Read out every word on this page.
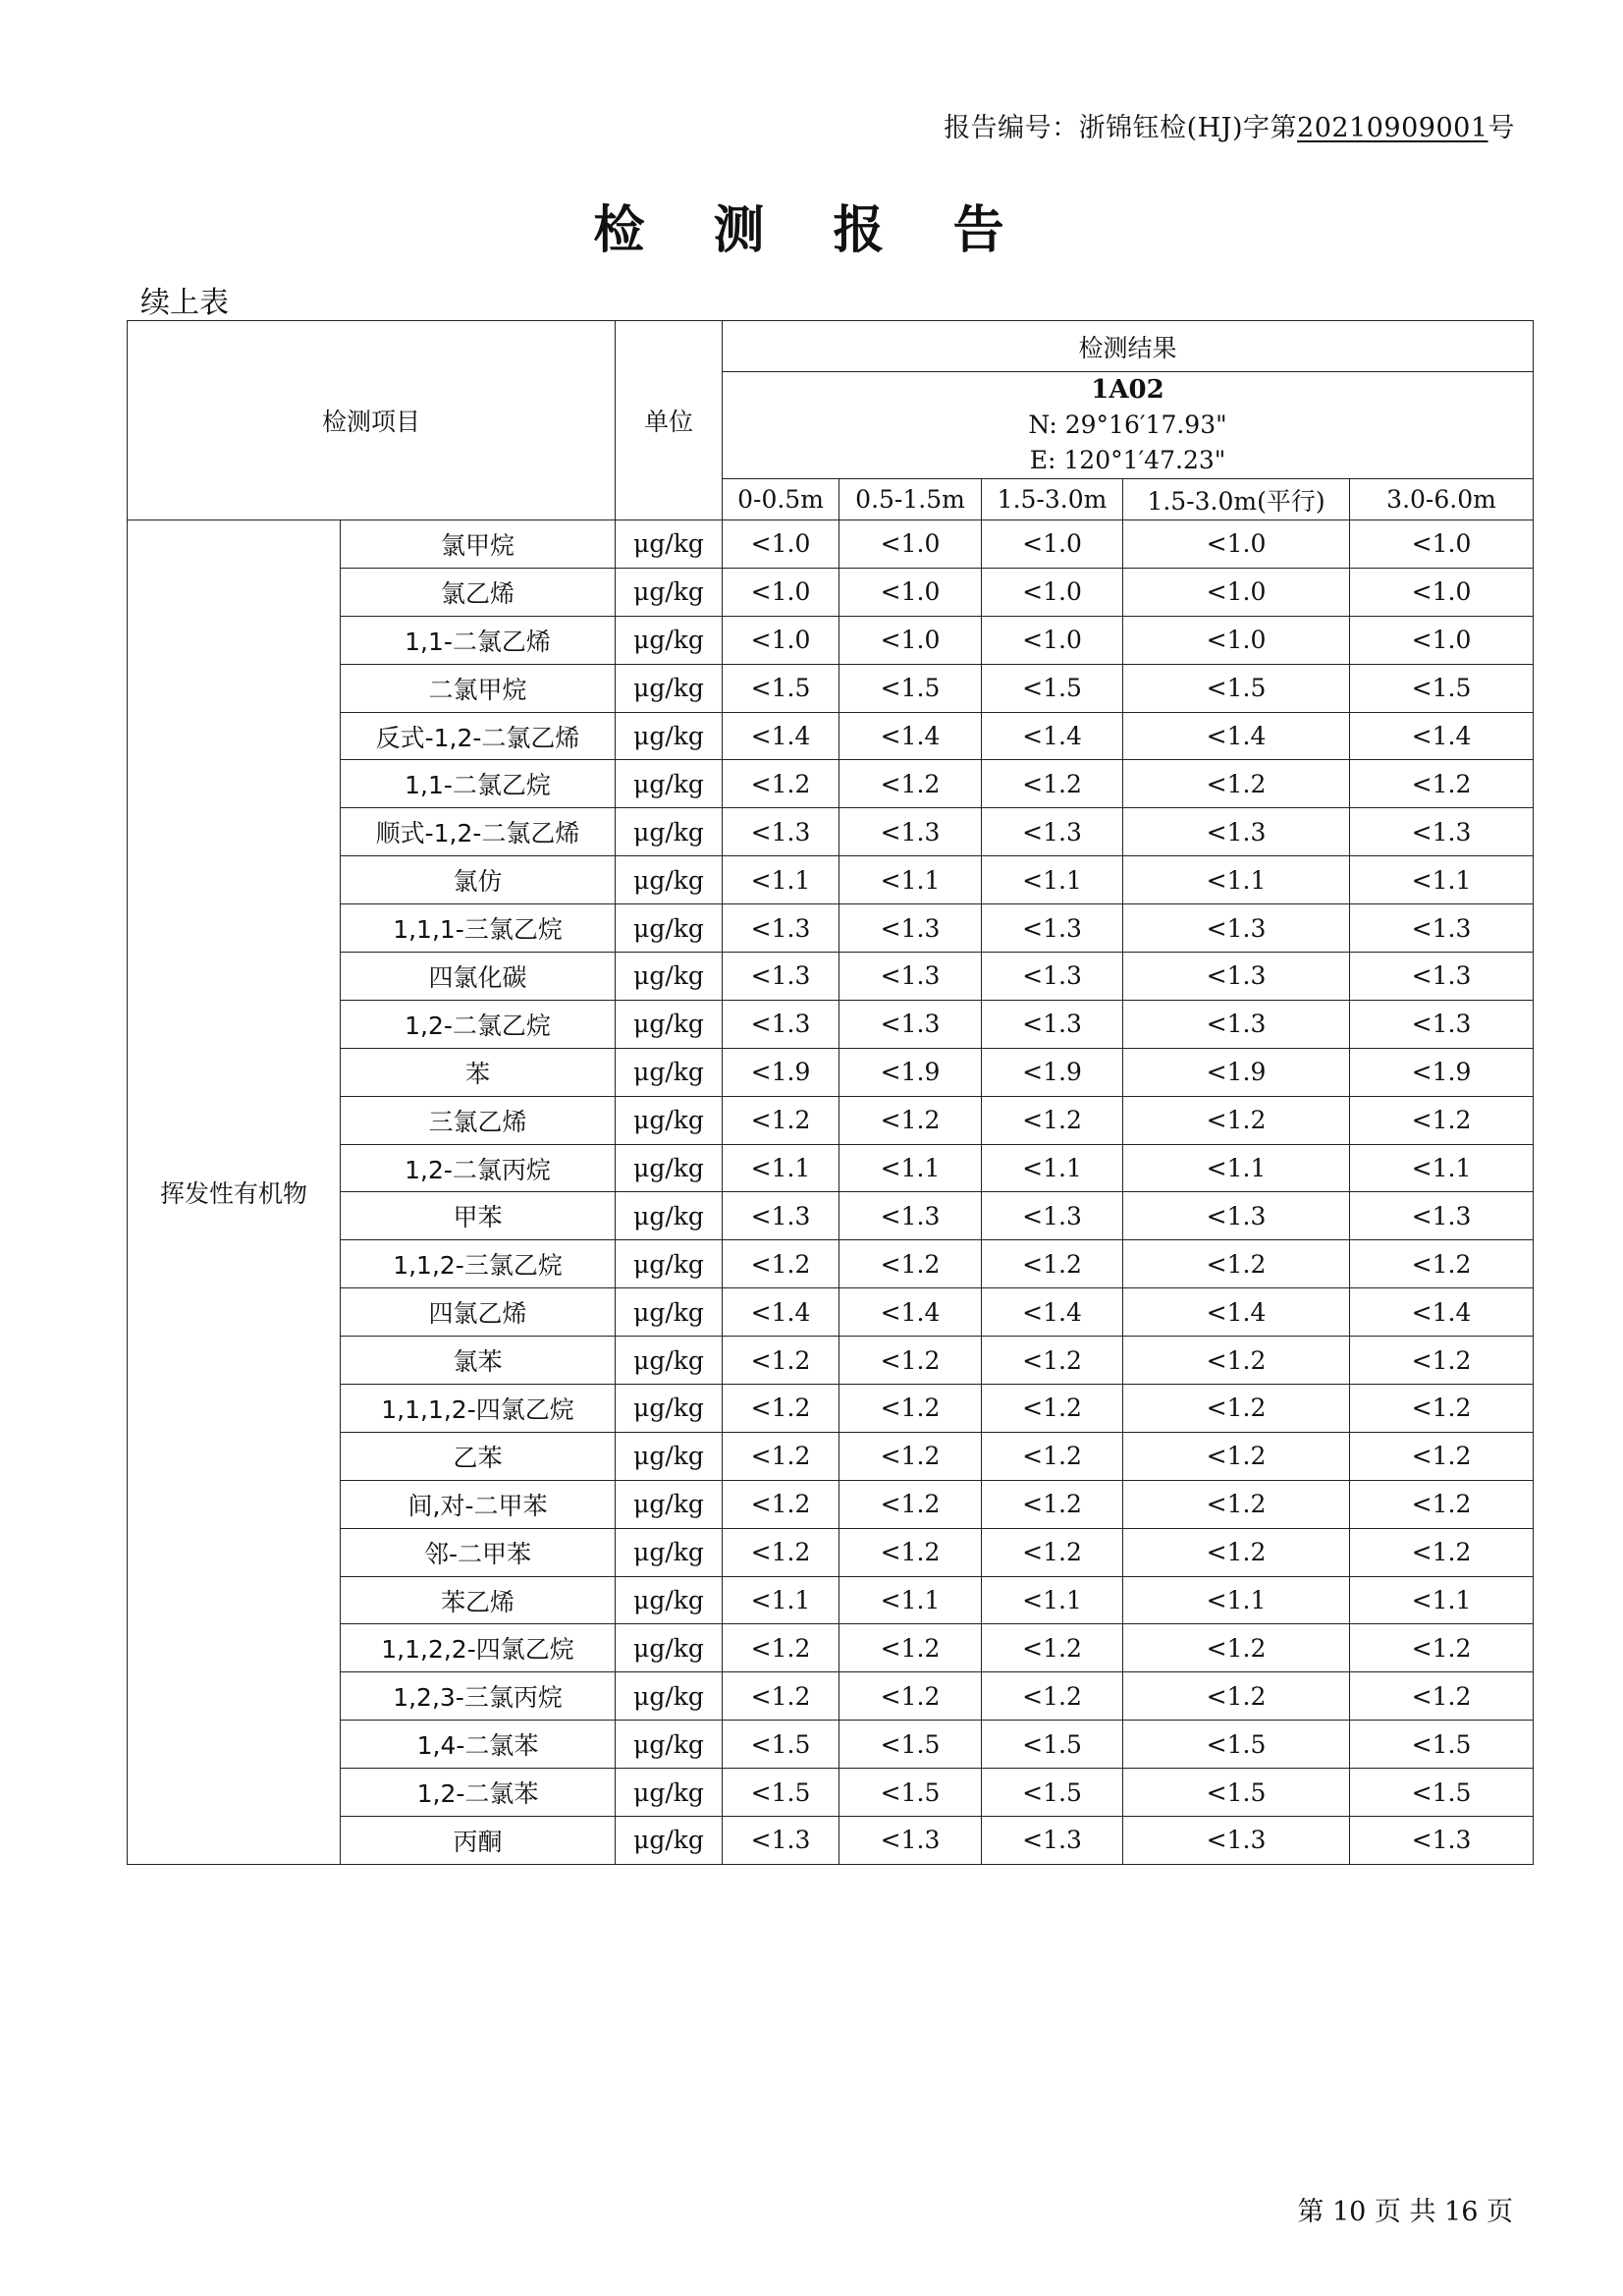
报告编号：浙锦钰检(HJ)字第20210909001号
检 测 报 告
续上表
检测项目		单位	检测结果				

			1A02
N: 29°16′17.93"
E: 120°1′47.23"				

			0-0.5m	0.5-1.5m	1.5-3.0m	1.5-3.0m(平行)	3.0-6.0m
挥发性有机物	氯甲烷	μg/kg	<1.0	<1.0	<1.0	<1.0	<1.0
	氯乙烯	μg/kg	<1.0	<1.0	<1.0	<1.0	<1.0
	1,1-二氯乙烯	μg/kg	<1.0	<1.0	<1.0	<1.0	<1.0
	二氯甲烷	μg/kg	<1.5	<1.5	<1.5	<1.5	<1.5
	反式-1,2-二氯乙烯	μg/kg	<1.4	<1.4	<1.4	<1.4	<1.4
	1,1-二氯乙烷	μg/kg	<1.2	<1.2	<1.2	<1.2	<1.2
	顺式-1,2-二氯乙烯	μg/kg	<1.3	<1.3	<1.3	<1.3	<1.3
	氯仿	μg/kg	<1.1	<1.1	<1.1	<1.1	<1.1
	1,1,1-三氯乙烷	μg/kg	<1.3	<1.3	<1.3	<1.3	<1.3
	四氯化碳	μg/kg	<1.3	<1.3	<1.3	<1.3	<1.3
	1,2-二氯乙烷	μg/kg	<1.3	<1.3	<1.3	<1.3	<1.3
	苯	μg/kg	<1.9	<1.9	<1.9	<1.9	<1.9
	三氯乙烯	μg/kg	<1.2	<1.2	<1.2	<1.2	<1.2
	1,2-二氯丙烷	μg/kg	<1.1	<1.1	<1.1	<1.1	<1.1
	甲苯	μg/kg	<1.3	<1.3	<1.3	<1.3	<1.3
	1,1,2-三氯乙烷	μg/kg	<1.2	<1.2	<1.2	<1.2	<1.2
	四氯乙烯	μg/kg	<1.4	<1.4	<1.4	<1.4	<1.4
	氯苯	μg/kg	<1.2	<1.2	<1.2	<1.2	<1.2
	1,1,1,2-四氯乙烷	μg/kg	<1.2	<1.2	<1.2	<1.2	<1.2
	乙苯	μg/kg	<1.2	<1.2	<1.2	<1.2	<1.2
	间,对-二甲苯	μg/kg	<1.2	<1.2	<1.2	<1.2	<1.2
	邻-二甲苯	μg/kg	<1.2	<1.2	<1.2	<1.2	<1.2
	苯乙烯	μg/kg	<1.1	<1.1	<1.1	<1.1	<1.1
	1,1,2,2-四氯乙烷	μg/kg	<1.2	<1.2	<1.2	<1.2	<1.2
	1,2,3-三氯丙烷	μg/kg	<1.2	<1.2	<1.2	<1.2	<1.2
	1,4-二氯苯	μg/kg	<1.5	<1.5	<1.5	<1.5	<1.5
	1,2-二氯苯	μg/kg	<1.5	<1.5	<1.5	<1.5	<1.5
	丙酮	μg/kg	<1.3	<1.3	<1.3	<1.3	<1.3
第 10 页 共 16 页
